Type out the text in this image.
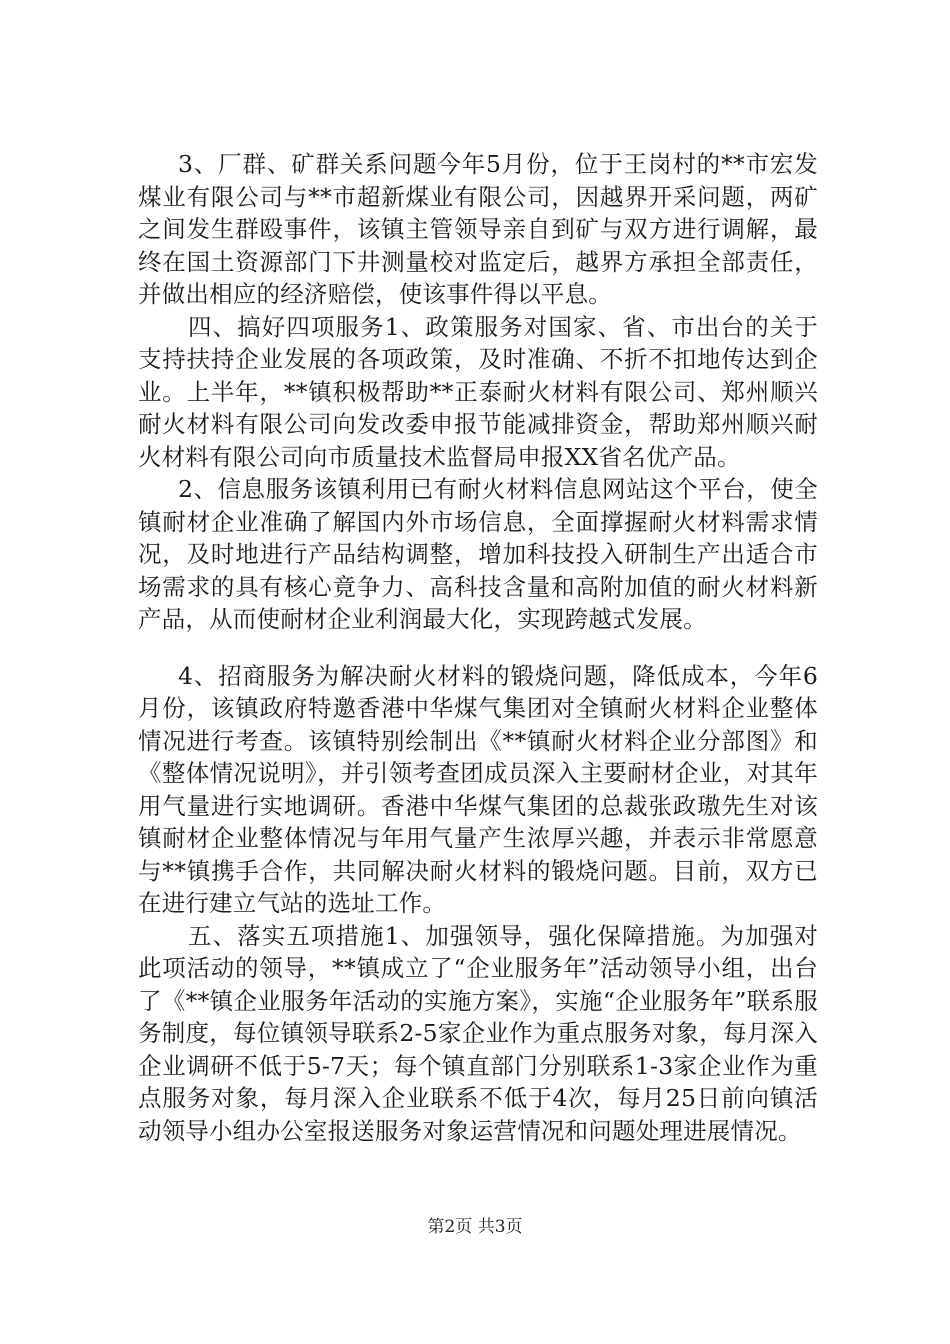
3、厂群、矿群关系问题今年5月份，位于王岗村的**市宏发煤业有限公司与**市超新煤业有限公司，因越界开采问题，两矿之间发生群殴事件，该镇主管领导亲自到矿与双方进行调解，最终在国土资源部门下井测量校对监定后，越界方承担全部责任，并做出相应的经济赔偿，使该事件得以平息。

四、搞好四项服务1、政策服务对国家、省、市出台的关于支持扶持企业发展的各项政策，及时准确、不折不扣地传达到企业。上半年，**镇积极帮助**正泰耐火材料有限公司、郑州顺兴耐火材料有限公司向发改委申报节能减排资金，帮助郑州顺兴耐火材料有限公司向市质量技术监督局申报XX省名优产品。

2、信息服务该镇利用已有耐火材料信息网站这个平台，使全镇耐材企业准确了解国内外市场信息，全面撑握耐火材料需求情况，及时地进行产品结构调整，增加科技投入研制生产出适合市场需求的具有核心竟争力、高科技含量和高附加值的耐火材料新产品，从而使耐材企业利润最大化，实现跨越式发展。

4、招商服务为解决耐火材料的锻烧问题，降低成本，今年6月份，该镇政府特邀香港中华煤气集团对全镇耐火材料企业整体情况进行考查。该镇特别绘制出《**镇耐火材料企业分部图》和《整体情况说明》，并引领考查团成员深入主要耐材企业，对其年用气量进行实地调研。香港中华煤气集团的总裁张政璈先生对该镇耐材企业整体情况与年用气量产生浓厚兴趣，并表示非常愿意与**镇携手合作，共同解决耐火材料的锻烧问题。目前，双方已在进行建立气站的选址工作。

五、落实五项措施1、加强领导，强化保障措施。为加强对此项活动的领导，**镇成立了“企业服务年”活动领导小组，出台了《**镇企业服务年活动的实施方案》，实施“企业服务年”联系服务制度，每位镇领导联系2-5家企业作为重点服务对象，每月深入企业调研不低于5-7天；每个镇直部门分别联系1-3家企业作为重点服务对象，每月深入企业联系不低于4次，每月25日前向镇活动领导小组办公室报送服务对象运营情况和问题处理进展情况。

第2页 共3页
